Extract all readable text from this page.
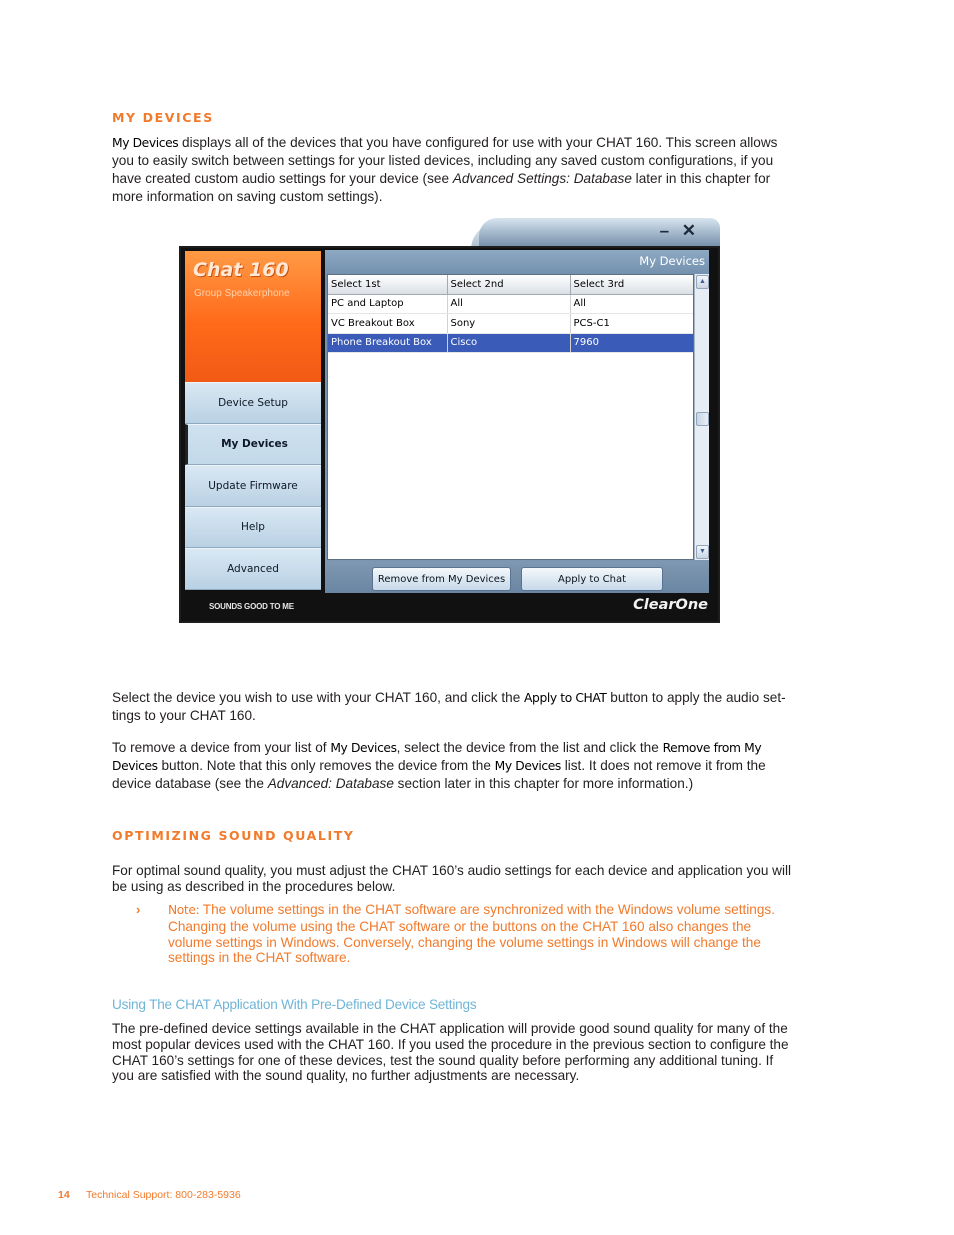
MY DEVICES
My Devices displays all of the devices that you have configured for use with your CHAT 160. This screen allows you to easily switch between settings for your listed devices, including any saved custom configurations, if you have created custom audio settings for your device (see Advanced Settings: Database later in this chapter for more information on saving custom settings).
– ✕
Chat 160
Group Speakerphone
Device Setup
My Devices
Update Firmware
Help
Advanced
My Devices
Select 1st	Select 2nd	Select 3rd
PC and Laptop	All	All
VC Breakout Box	Sony	PCS-C1
Phone Breakout Box	Cisco	7960
▲
▼
Remove from My Devices	Apply to Chat
SOUNDS GOOD TO ME	ClearOne
Select the device you wish to use with your CHAT 160, and click the Apply to CHAT button to apply the audio set-tings to your CHAT 160.
To remove a device from your list of My Devices, select the device from the list and click the Remove from My Devices button. Note that this only removes the device from the My Devices list. It does not remove it from the device database (see the Advanced: Database section later in this chapter for more information.)
OPTIMIZING SOUND QUALITY
For optimal sound quality, you must adjust the CHAT 160’s audio settings for each device and application you will be using as described in the procedures below.
› Note: The volume settings in the CHAT software are synchronized with the Windows volume settings. Changing the volume using the CHAT software or the buttons on the CHAT 160 also changes the volume settings in Windows. Conversely, changing the volume settings in Windows will change the settings in the CHAT software.
Using The CHAT Application With Pre-Defined Device Settings
The pre-defined device settings available in the CHAT application will provide good sound quality for many of the most popular devices used with the CHAT 160. If you used the procedure in the previous section to configure the CHAT 160’s settings for one of these devices, test the sound quality before performing any additional tuning. If you are satisfied with the sound quality, no further adjustments are necessary.
14 Technical Support: 800-283-5936
